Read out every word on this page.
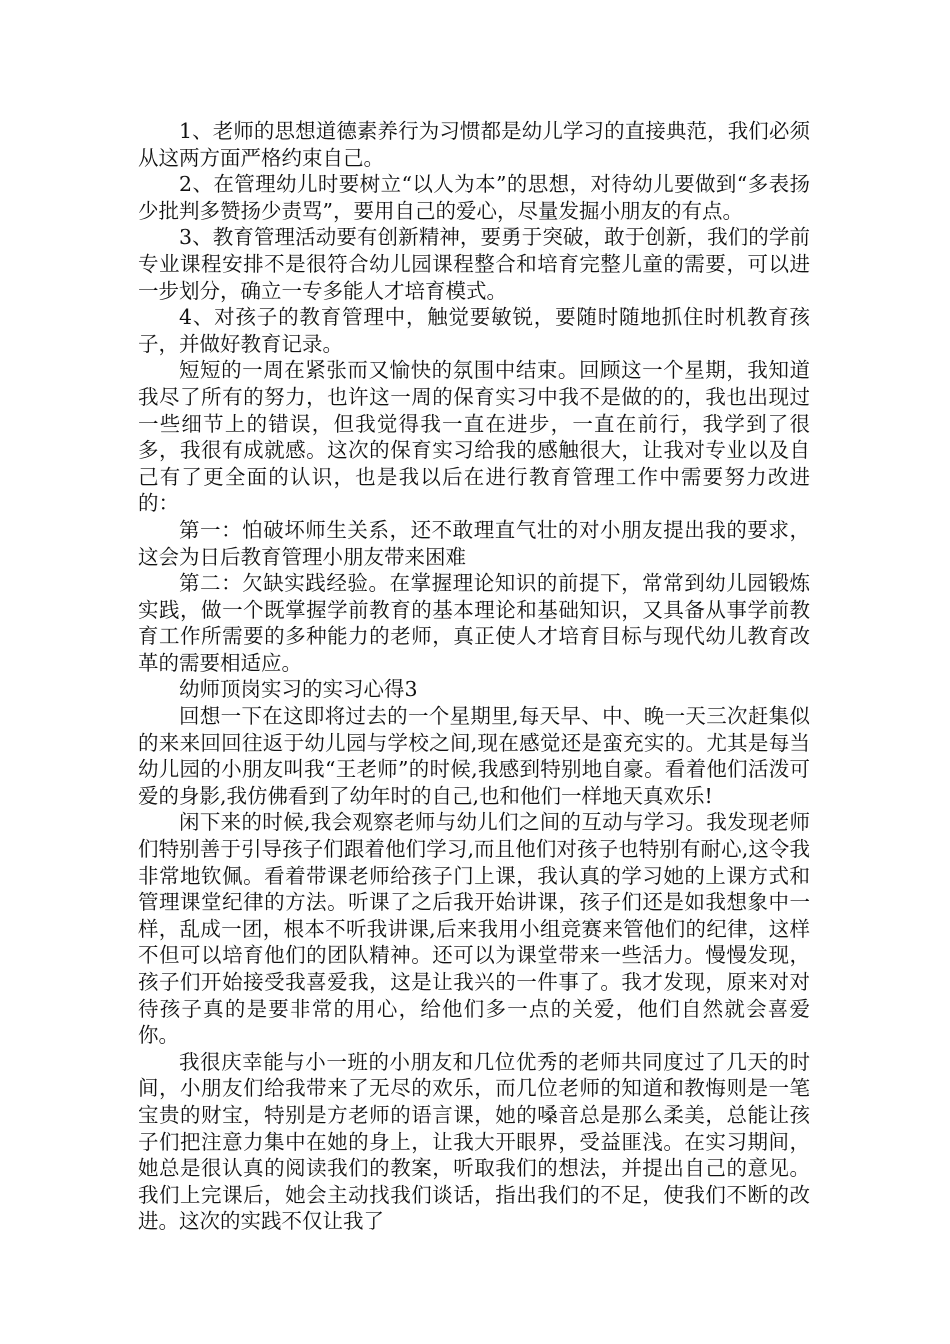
1、老师的思想道德素养行为习惯都是幼儿学习的直接典范，我们必须从这两方面严格约束自己。

2、在管理幼儿时要树立“以人为本”的思想，对待幼儿要做到“多表扬少批判多赞扬少责骂”，要用自己的爱心，尽量发掘小朋友的有点。

3、教育管理活动要有创新精神，要勇于突破，敢于创新，我们的学前专业课程安排不是很符合幼儿园课程整合和培育完整儿童的需要，可以进一步划分，确立一专多能人才培育模式。

4、对孩子的教育管理中，触觉要敏锐，要随时随地抓住时机教育孩子，并做好教育记录。

短短的一周在紧张而又愉快的氛围中结束。回顾这一个星期，我知道我尽了所有的努力，也许这一周的保育实习中我不是做的的，我也出现过一些细节上的错误，但我觉得我一直在进步，一直在前行，我学到了很多，我很有成就感。这次的保育实习给我的感触很大，让我对专业以及自己有了更全面的认识，也是我以后在进行教育管理工作中需要努力改进的：

第一：怕破坏师生关系，还不敢理直气壮的对小朋友提出我的要求，这会为日后教育管理小朋友带来困难

第二：欠缺实践经验。在掌握理论知识的前提下，常常到幼儿园锻炼实践，做一个既掌握学前教育的基本理论和基础知识，又具备从事学前教育工作所需要的多种能力的老师，真正使人才培育目标与现代幼儿教育改革的需要相适应。

幼师顶岗实习的实习心得3

回想一下在这即将过去的一个星期里,每天早、中、晚一天三次赶集似的来来回回往返于幼儿园与学校之间,现在感觉还是蛮充实的。尤其是每当幼儿园的小朋友叫我“王老师”的时候,我感到特别地自豪。看着他们活泼可爱的身影,我仿佛看到了幼年时的自己,也和他们一样地天真欢乐!

闲下来的时候,我会观察老师与幼儿们之间的互动与学习。我发现老师们特别善于引导孩子们跟着他们学习,而且他们对孩子也特别有耐心,这令我非常地钦佩。看着带课老师给孩子门上课，我认真的学习她的上课方式和管理课堂纪律的方法。听课了之后我开始讲课，孩子们还是如我想象中一样，乱成一团，根本不听我讲课,后来我用小组竞赛来管他们的纪律，这样不但可以培育他们的团队精神。还可以为课堂带来一些活力。慢慢发现，孩子们开始接受我喜爱我，这是让我兴的一件事了。我才发现，原来对对待孩子真的是要非常的用心，给他们多一点的关爱，他们自然就会喜爱你。

我很庆幸能与小一班的小朋友和几位优秀的老师共同度过了几天的时间，小朋友们给我带来了无尽的欢乐，而几位老师的知道和教悔则是一笔宝贵的财宝，特别是方老师的语言课，她的嗓音总是那么柔美，总能让孩子们把注意力集中在她的身上，让我大开眼界，受益匪浅。在实习期间，她总是很认真的阅读我们的教案，听取我们的想法，并提出自己的意见。我们上完课后，她会主动找我们谈话，指出我们的不足，使我们不断的改进。这次的实践不仅让我了
